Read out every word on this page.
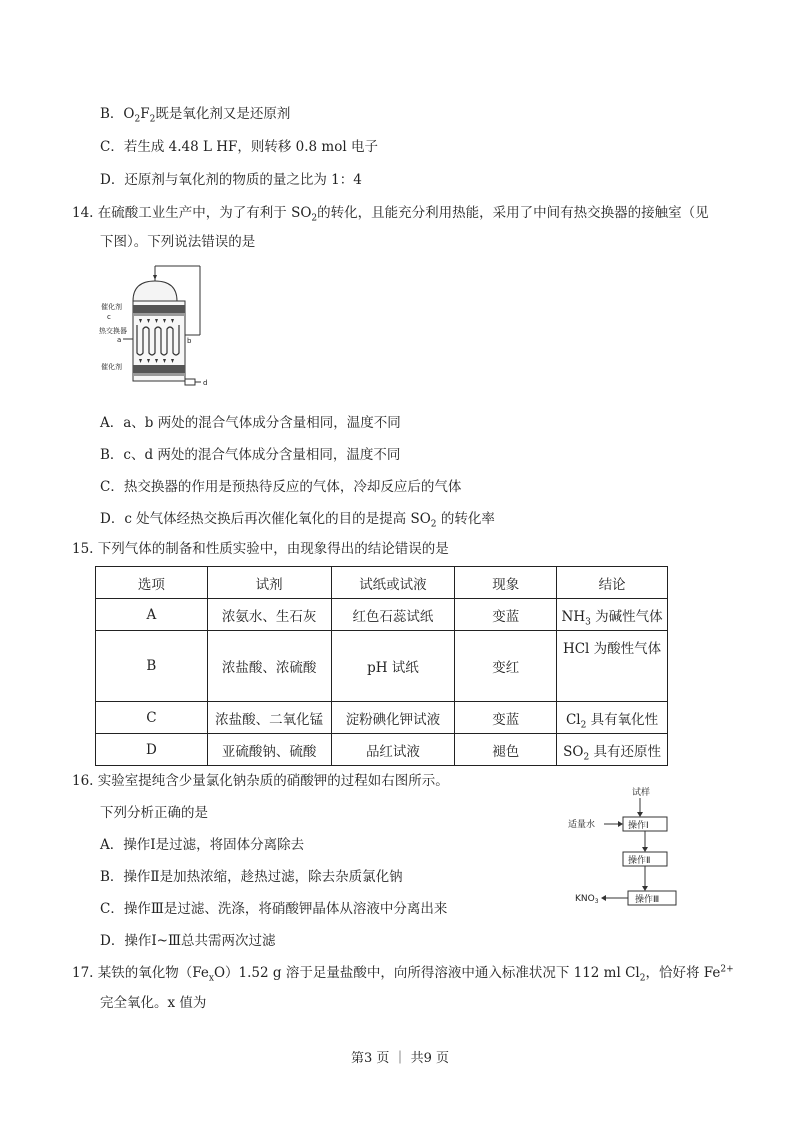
B．$O_2F_2$既是氧化剂又是还原剂
C．若生成 4.48 L HF，则转移 0.8 mol 电子
D．还原剂与氧化剂的物质的量之比为 1：4
14. 在硫酸工业生产中，为了有利于 $SO_2$的转化，且能充分利用热能，采用了中间有热交换器的接触室（见
下图）。下列说法错误的是
催化剂
c
热交换器
a	b
催化剂
d
A．a、b 两处的混合气体成分含量相同，温度不同
B．c、d 两处的混合气体成分含量相同，温度不同
C．热交换器的作用是预热待反应的气体，冷却反应后的气体
D．c 处气体经热交换后再次催化氧化的目的是提高 $SO_2$ 的转化率
15. 下列气体的制备和性质实验中，由现象得出的结论错误的是
选项	试剂	试纸或试液	现象	结论
A	浓氨水、生石灰	红色石蕊试纸	变蓝	$NH_3$ 为碱性气体
B	浓盐酸、浓硫酸	pH 试纸	变红	HCl 为酸性气体
C	浓盐酸、二氧化锰	淀粉碘化钾试液	变蓝	$Cl_2$ 具有氧化性
D	亚硫酸钠、硫酸	品红试液	褪色	$SO_2$ 具有还原性
16. 实验室提纯含少量氯化钠杂质的硝酸钾的过程如右图所示。
下列分析正确的是
A．操作Ⅰ是过滤，将固体分离除去
B．操作Ⅱ是加热浓缩，趁热过滤，除去杂质氯化钠
C．操作Ⅲ是过滤、洗涤，将硝酸钾晶体从溶液中分离出来
D．操作Ⅰ~Ⅲ总共需两次过滤
试样
适量水	操作Ⅰ
操作Ⅱ
操作Ⅲ
$KNO_3$
17. 某铁的氧化物$(Fe_xO)1.52$ g 溶于足量盐酸中，向所得溶液中通入标准状况下 112 ml $Cl_2$，恰好将 $Fe^{2+}$
完全氧化。x 值为
第3 页 ｜ 共9 页
